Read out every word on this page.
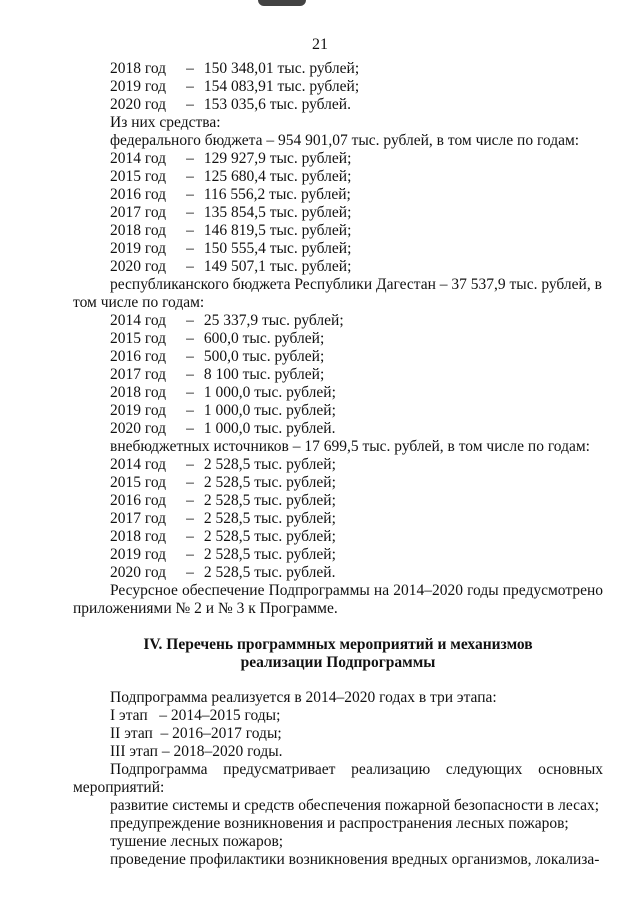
21
2018 год – 150 348,01 тыс. рублей;
2019 год – 154 083,91 тыс. рублей;
2020 год – 153 035,6 тыс. рублей.
Из них средства:
федерального бюджета – 954 901,07 тыс. рублей, в том числе по годам:
2014 год – 129 927,9 тыс. рублей;
2015 год – 125 680,4 тыс. рублей;
2016 год – 116 556,2 тыс. рублей;
2017 год – 135 854,5 тыс. рублей;
2018 год – 146 819,5 тыс. рублей;
2019 год – 150 555,4 тыс. рублей;
2020 год – 149 507,1 тыс. рублей;
республиканского бюджета Республики Дагестан – 37 537,9 тыс. рублей, в
том числе по годам:
2014 год – 25 337,9 тыс. рублей;
2015 год – 600,0 тыс. рублей;
2016 год – 500,0 тыс. рублей;
2017 год – 8 100 тыс. рублей;
2018 год – 1 000,0 тыс. рублей;
2019 год – 1 000,0 тыс. рублей;
2020 год – 1 000,0 тыс. рублей.
внебюджетных источников – 17 699,5 тыс. рублей, в том числе по годам:
2014 год – 2 528,5 тыс. рублей;
2015 год – 2 528,5 тыс. рублей;
2016 год – 2 528,5 тыс. рублей;
2017 год – 2 528,5 тыс. рублей;
2018 год – 2 528,5 тыс. рублей;
2019 год – 2 528,5 тыс. рублей;
2020 год – 2 528,5 тыс. рублей.
Ресурсное обеспечение Подпрограммы на 2014–2020 годы предусмотрено приложениями № 2 и № 3 к Программе.
IV. Перечень программных мероприятий и механизмов
реализации Подпрограммы
Подпрограмма реализуется в 2014–2020 годах в три этапа:
I этап   – 2014–2015 годы;
II этап  – 2016–2017 годы;
III этап – 2018–2020 годы.
Подпрограмма предусматривает реализацию следующих основных мероприятий:
развитие системы и средств обеспечения пожарной безопасности в лесах;
предупреждение возникновения и распространения лесных пожаров;
тушение лесных пожаров;
проведение профилактики возникновения вредных организмов, локализа-
